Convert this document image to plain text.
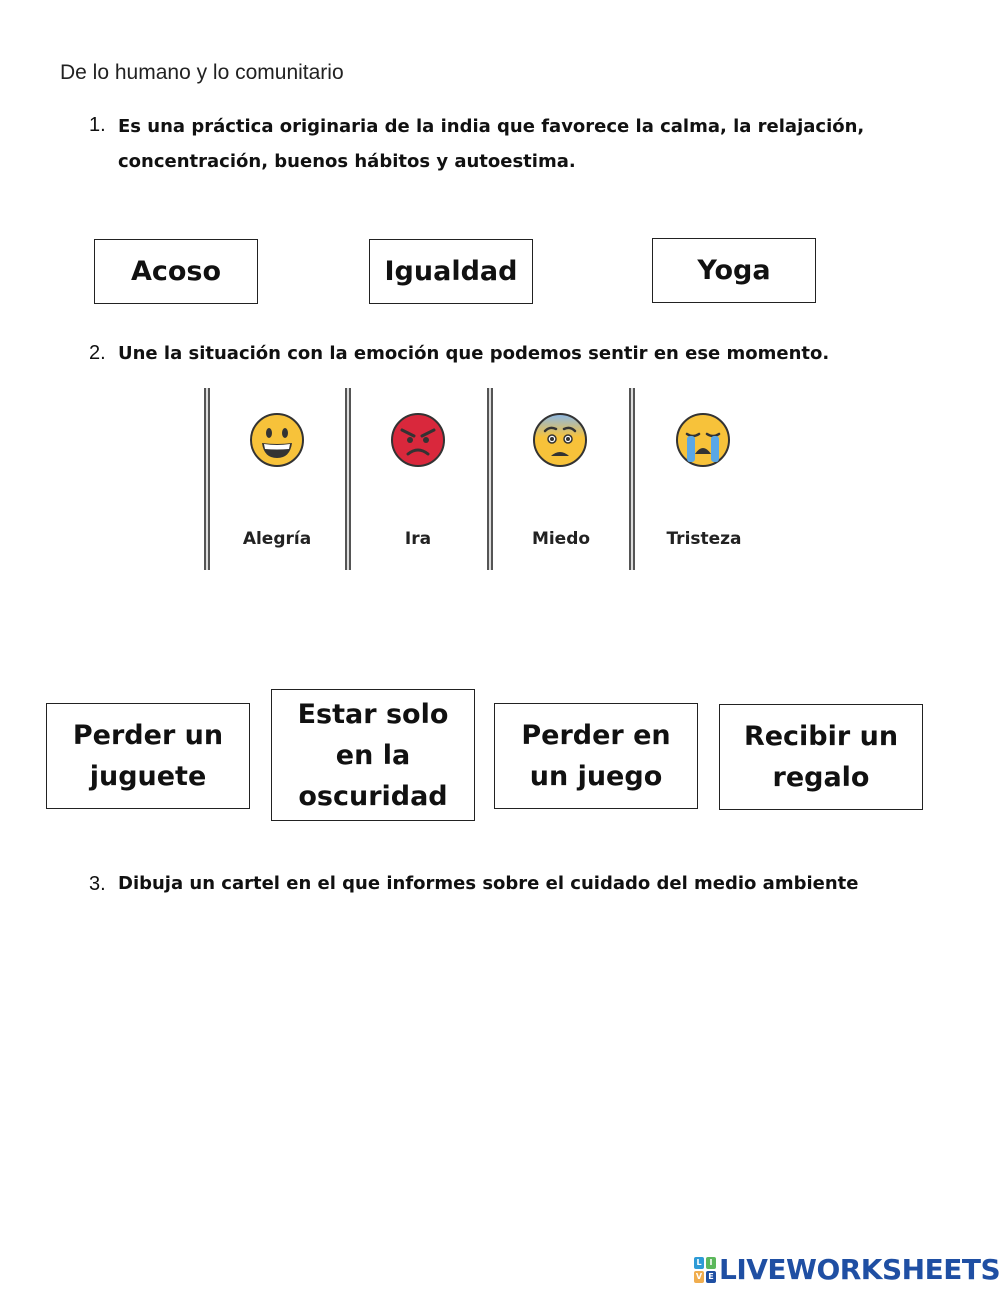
De lo humano y lo comunitario
1. Es una práctica originaria de la india que favorece la calma, la relajación,
concentración, buenos hábitos y autoestima.
Acoso	Igualdad	Yoga
2. Une la situación con la emoción que podemos sentir en ese momento.
Alegría	Ira	Miedo	Tristeza
Perder un
juguete
Estar solo
en la
oscuridad
Perder en
un juego
Recibir un
regalo
3. Dibuja un cartel en el que informes sobre el cuidado del medio ambiente
L I
V E LIVEWORKSHEETS
